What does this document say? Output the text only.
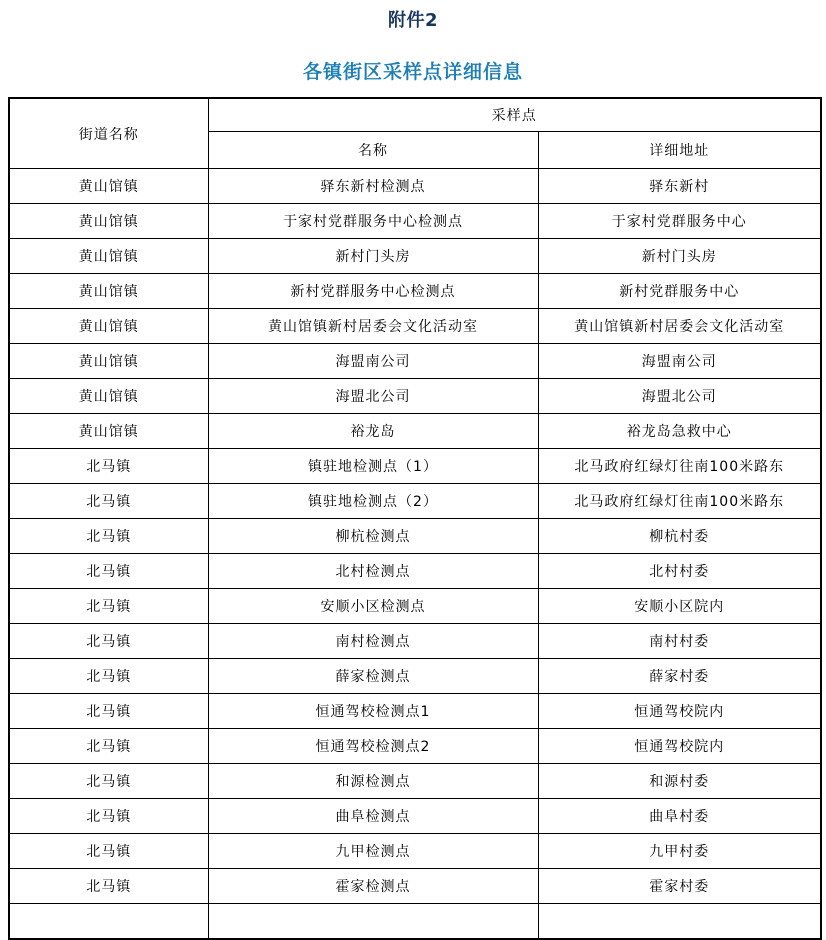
附件2
各镇街区采样点详细信息
街道名称	采样点	
	名称	详细地址
黄山馆镇	驿东新村检测点	驿东新村
黄山馆镇	于家村党群服务中心检测点	于家村党群服务中心
黄山馆镇	新村门头房	新村门头房
黄山馆镇	新村党群服务中心检测点	新村党群服务中心
黄山馆镇	黄山馆镇新村居委会文化活动室	黄山馆镇新村居委会文化活动室
黄山馆镇	海盟南公司	海盟南公司
黄山馆镇	海盟北公司	海盟北公司
黄山馆镇	裕龙岛	裕龙岛急救中心
北马镇	镇驻地检测点（1）	北马政府红绿灯往南100米路东
北马镇	镇驻地检测点（2）	北马政府红绿灯往南100米路东
北马镇	柳杭检测点	柳杭村委
北马镇	北村检测点	北村村委
北马镇	安顺小区检测点	安顺小区院内
北马镇	南村检测点	南村村委
北马镇	薛家检测点	薛家村委
北马镇	恒通驾校检测点1	恒通驾校院内
北马镇	恒通驾校检测点2	恒通驾校院内
北马镇	和源检测点	和源村委
北马镇	曲阜检测点	曲阜村委
北马镇	九甲检测点	九甲村委
北马镇	霍家检测点	霍家村委
